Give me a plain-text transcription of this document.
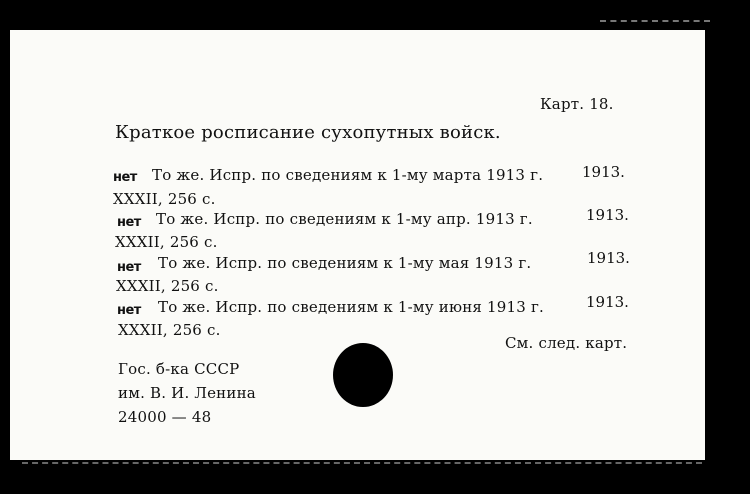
Карт. 18.
Краткое росписание сухопутных войск.
нет То же. Испр. по сведениям к 1-му марта 1913 г.	1913.
XXXII, 256 с.
нет То же. Испр. по сведениям к 1-му апр. 1913 г.	1913.
XXXII, 256 с.
нет То же. Испр. по сведениям к 1-му мая 1913 г.	1913.
XXXII, 256 с.
нет То же. Испр. по сведениям к 1-му июня 1913 г.	1913.
XXXII, 256 с.
См. след. карт.
Гос. б-ка СССР
им. В. И. Ленина
24000 — 48
